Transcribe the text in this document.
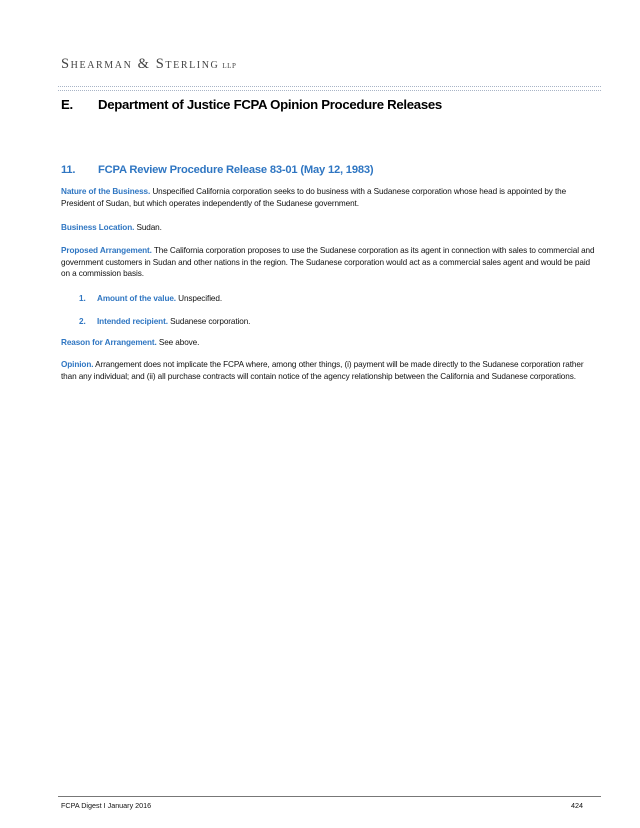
Shearman & Sterling LLP
E. Department of Justice FCPA Opinion Procedure Releases
11. FCPA Review Procedure Release 83-01 (May 12, 1983)
Nature of the Business. Unspecified California corporation seeks to do business with a Sudanese corporation whose head is appointed by the President of Sudan, but which operates independently of the Sudanese government.
Business Location. Sudan.
Proposed Arrangement. The California corporation proposes to use the Sudanese corporation as its agent in connection with sales to commercial and government customers in Sudan and other nations in the region. The Sudanese corporation would act as a commercial sales agent and would be paid on a commission basis.
1. Amount of the value. Unspecified.
2. Intended recipient. Sudanese corporation.
Reason for Arrangement. See above.
Opinion. Arrangement does not implicate the FCPA where, among other things, (i) payment will be made directly to the Sudanese corporation rather than any individual; and (ii) all purchase contracts will contain notice of the agency relationship between the California and Sudanese corporations.
FCPA Digest I January 2016	424
